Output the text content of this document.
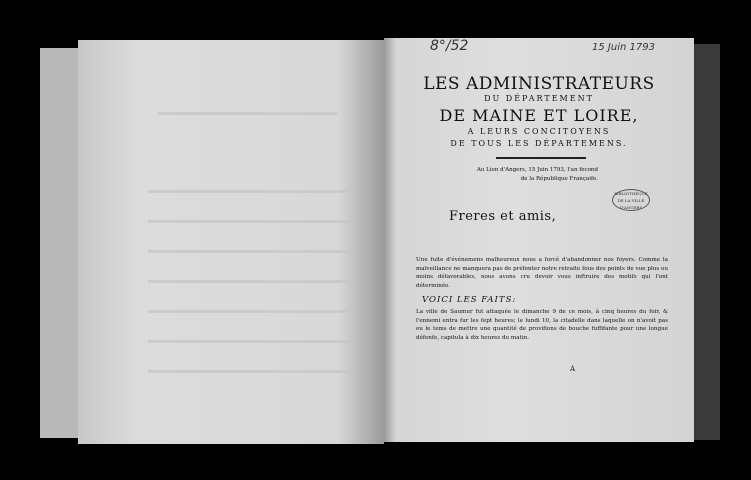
LES ADMINISTRATEURS
DU DÉPARTEMENT
DE MAINE ET LOIRE,
A LEURS CONCITOYENS
DE TOUS LES DÉPARTEMENS.
Au Lion d'Angers, 15 Juin 1793, l'an fecond
de la République Françaife.
BIBLIOTHÈQUE DE LA VILLE D'ANGERS
Freres et amis,
Une fuite d'événemens malheureux nous a forcé d'abandonner nos foyers. Comme la malveillance ne manquera pas de préfenter notre retraite fous des points de vue plus ou moins défavorables, nous avons cru devoir vous inftruire des motifs qui l'ont déterminée.
VOICI LES FAITS:
La ville de Saumur fut attaquée le dimanche 9 de ce mois, à cinq heures du foir, & l'ennemi entra fur les fept heures; le lundi 10, la citadelle dans laquelle on n'avoit pas eu le tems de mettre une quantité de provifions de bouche fuffifante pour une longue défenfe, capitula à dix heures du matin.
A
8°/52	15 Juin 1793
